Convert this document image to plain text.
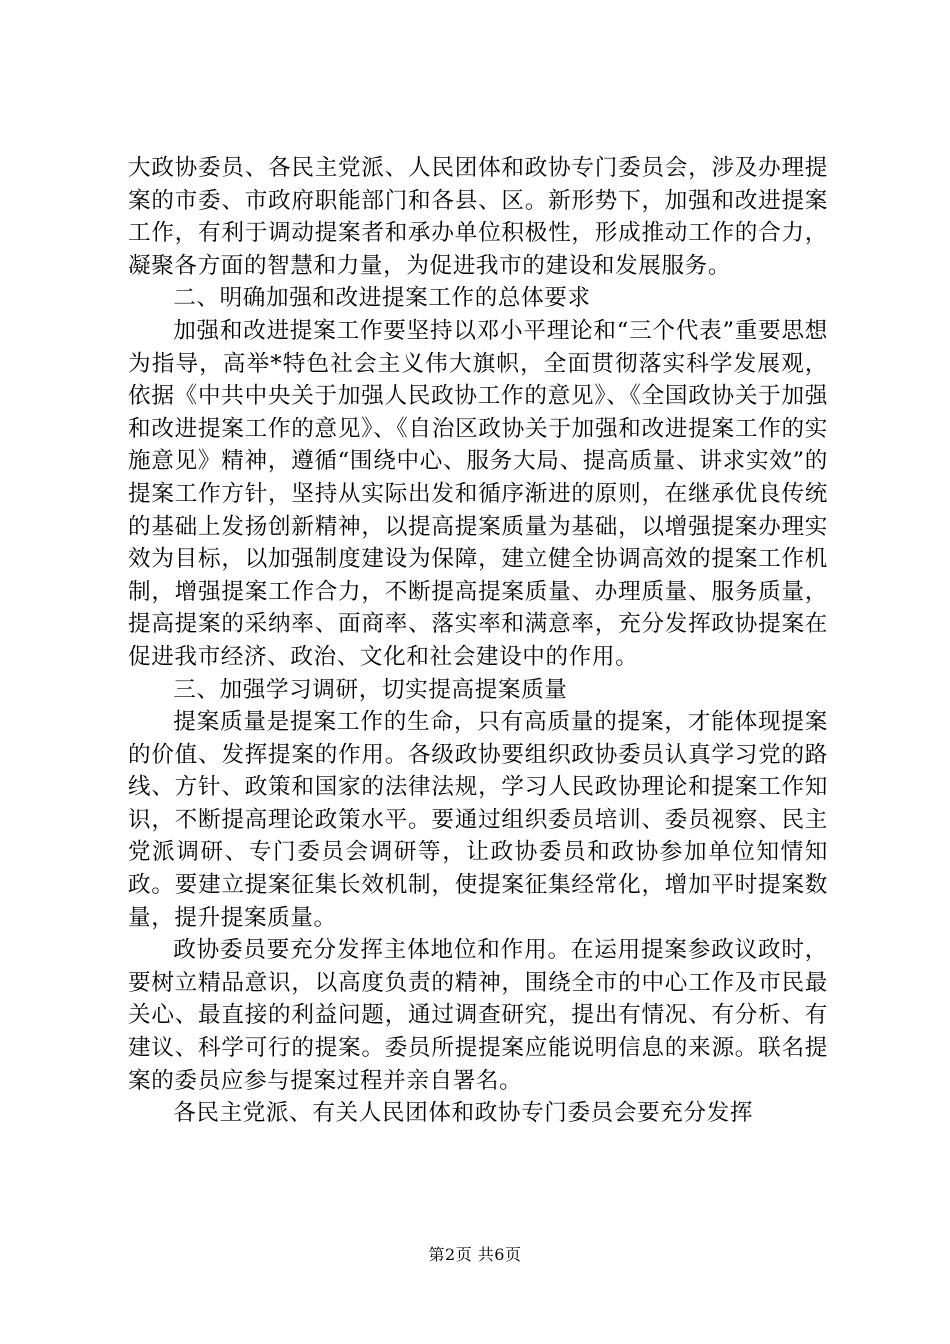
大政协委员、各民主党派、人民团体和政协专门委员会，涉及办理提案的市委、市政府职能部门和各县、区。新形势下，加强和改进提案工作，有利于调动提案者和承办单位积极性，形成推动工作的合力，凝聚各方面的智慧和力量，为促进我市的建设和发展服务。

二、明确加强和改进提案工作的总体要求

加强和改进提案工作要坚持以邓小平理论和“三个代表”重要思想为指导，高举*特色社会主义伟大旗帜，全面贯彻落实科学发展观，依据《中共中央关于加强人民政协工作的意见》、《全国政协关于加强和改进提案工作的意见》、《自治区政协关于加强和改进提案工作的实施意见》精神，遵循“围绕中心、服务大局、提高质量、讲求实效”的提案工作方针，坚持从实际出发和循序渐进的原则，在继承优良传统的基础上发扬创新精神，以提高提案质量为基础，以增强提案办理实效为目标，以加强制度建设为保障，建立健全协调高效的提案工作机制，增强提案工作合力，不断提高提案质量、办理质量、服务质量，提高提案的采纳率、面商率、落实率和满意率，充分发挥政协提案在促进我市经济、政治、文化和社会建设中的作用。

三、加强学习调研，切实提高提案质量

提案质量是提案工作的生命，只有高质量的提案，才能体现提案的价值、发挥提案的作用。各级政协要组织政协委员认真学习党的路线、方针、政策和国家的法律法规，学习人民政协理论和提案工作知识，不断提高理论政策水平。要通过组织委员培训、委员视察、民主党派调研、专门委员会调研等，让政协委员和政协参加单位知情知政。要建立提案征集长效机制，使提案征集经常化，增加平时提案数量，提升提案质量。

政协委员要充分发挥主体地位和作用。在运用提案参政议政时，要树立精品意识，以高度负责的精神，围绕全市的中心工作及市民最关心、最直接的利益问题，通过调查研究，提出有情况、有分析、有建议、科学可行的提案。委员所提提案应能说明信息的来源。联名提案的委员应参与提案过程并亲自署名。

各民主党派、有关人民团体和政协专门委员会要充分发挥

第2页 共6页
